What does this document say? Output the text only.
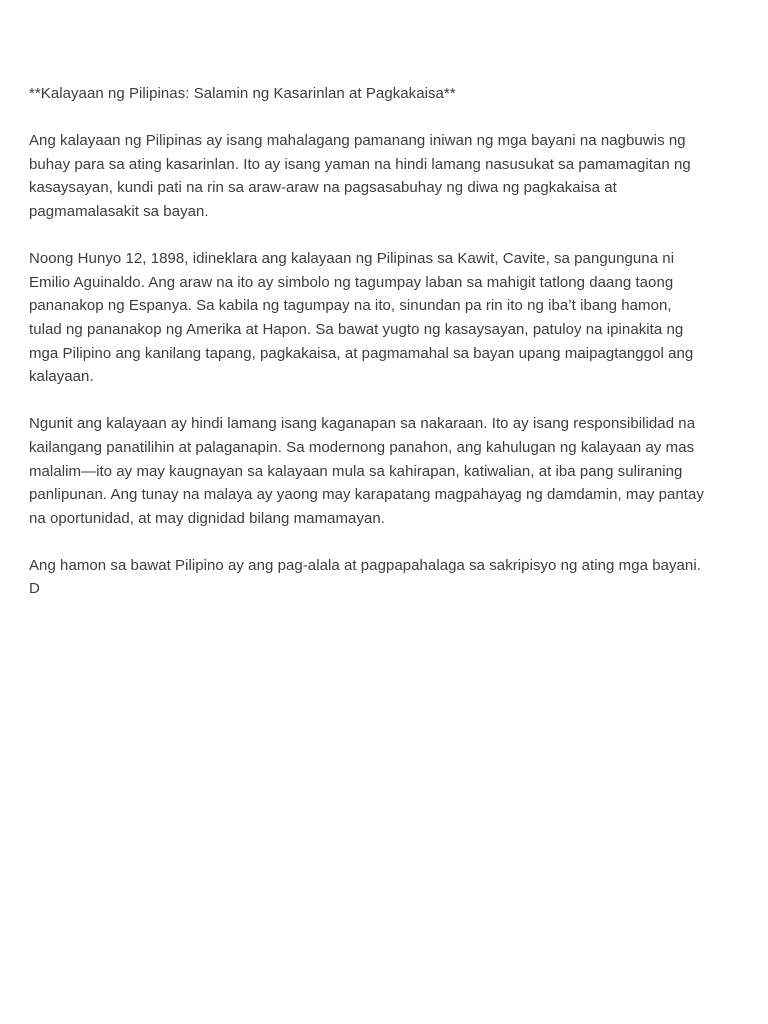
**Kalayaan ng Pilipinas: Salamin ng Kasarinlan at Pagkakaisa**

Ang kalayaan ng Pilipinas ay isang mahalagang pamanang iniwan ng mga bayani na nagbuwis ng
buhay para sa ating kasarinlan. Ito ay isang yaman na hindi lamang nasusukat sa pamamagitan ng
kasaysayan, kundi pati na rin sa araw-araw na pagsasabuhay ng diwa ng pagkakaisa at
pagmamalasakit sa bayan.

Noong Hunyo 12, 1898, idineklara ang kalayaan ng Pilipinas sa Kawit, Cavite, sa pangunguna ni
Emilio Aguinaldo. Ang araw na ito ay simbolo ng tagumpay laban sa mahigit tatlong daang taong
pananakop ng Espanya. Sa kabila ng tagumpay na ito, sinundan pa rin ito ng iba’t ibang hamon,
tulad ng pananakop ng Amerika at Hapon. Sa bawat yugto ng kasaysayan, patuloy na ipinakita ng
mga Pilipino ang kanilang tapang, pagkakaisa, at pagmamahal sa bayan upang maipagtanggol ang
kalayaan.

Ngunit ang kalayaan ay hindi lamang isang kaganapan sa nakaraan. Ito ay isang responsibilidad na
kailangang panatilihin at palaganapin. Sa modernong panahon, ang kahulugan ng kalayaan ay mas
malalim—ito ay may kaugnayan sa kalayaan mula sa kahirapan, katiwalian, at iba pang suliraning
panlipunan. Ang tunay na malaya ay yaong may karapatang magpahayag ng damdamin, may pantay
na oportunidad, at may dignidad bilang mamamayan.

Ang hamon sa bawat Pilipino ay ang pag-alala at pagpapahalaga sa sakripisyo ng ating mga bayani.
D
